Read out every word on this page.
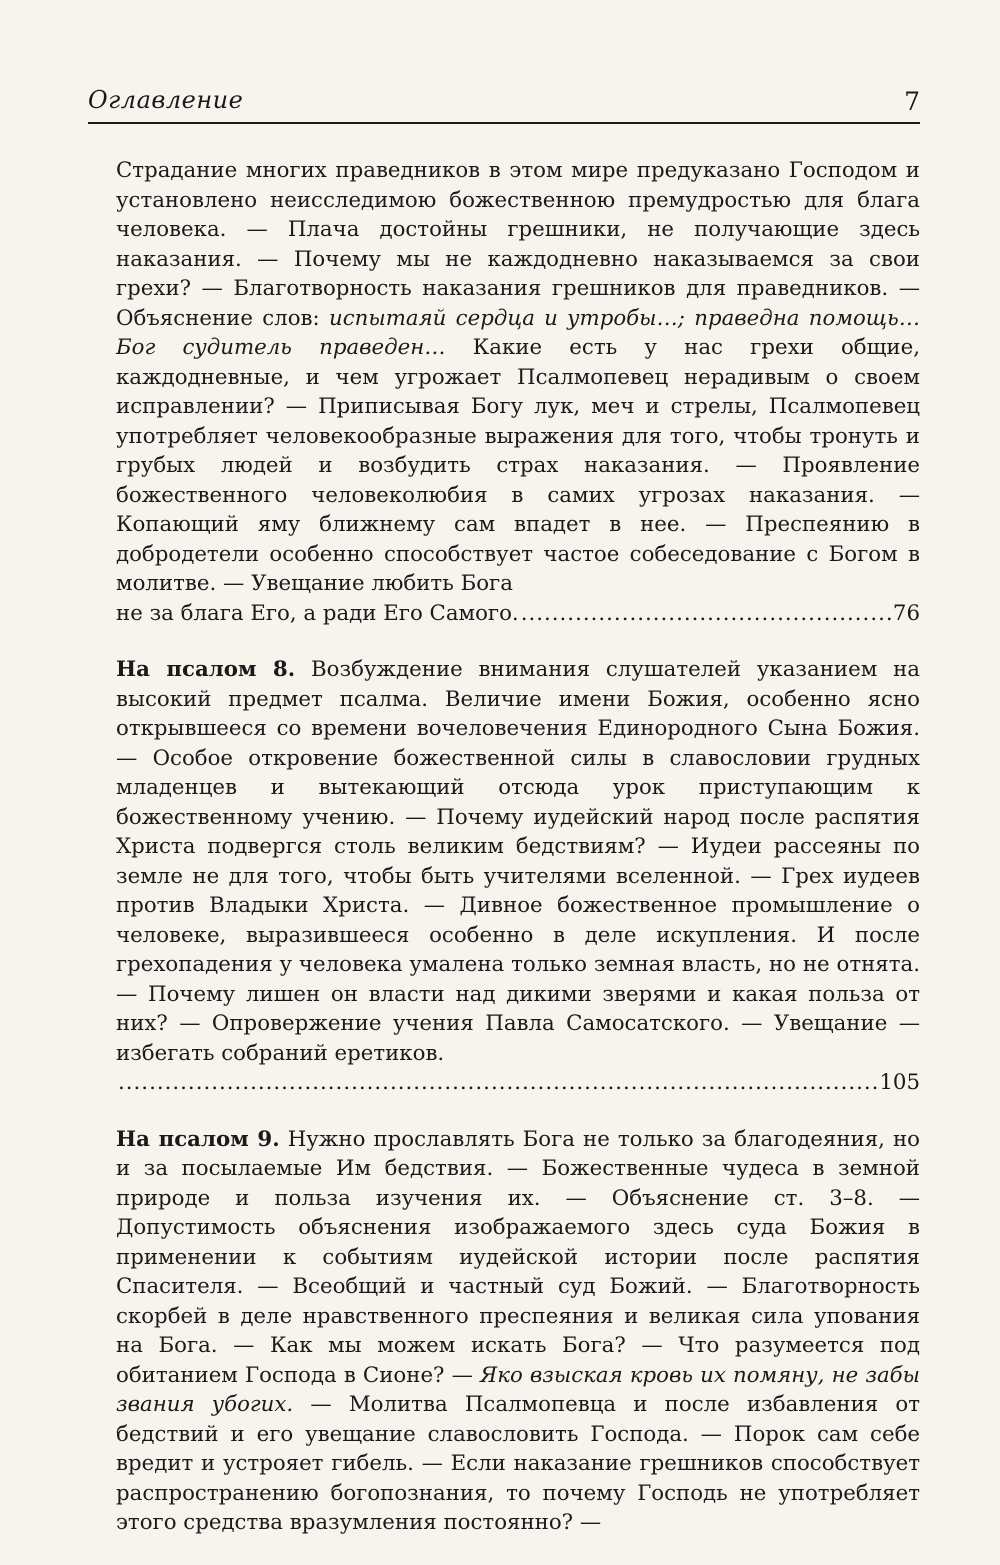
Оглавление	7

Страдание многих праведников в этом мире предуказано Господом и установлено неисследимою божественною премудростью для блага человека. — Плача достойны грешники, не получающие здесь наказания. — Почему мы не каждодневно наказываемся за свои грехи? — Благотворность наказания грешников для праведников. — Объяснение слов: испытаяй сердца и утробы…; праведна помощь… Бог судитель праведен… Какие есть у нас грехи общие, каждодневные, и чем угрожает Псалмопевец нерадивым о своем исправлении? — Приписывая Богу лук, меч и стрелы, Псалмопевец употребляет человекообразные выражения для того, чтобы тронуть и грубых людей и возбудить страх наказания. — Проявление божественного человеколюбия в самих угрозах наказания. — Копающий яму ближнему сам впадет в нее. — Преспеянию в добродетели особенно способствует частое собеседование с Богом в молитве. — Увещание любить Бога

не за блага Его, а ради Его Самого.
.....	76

На псалом 8. Возбуждение внимания слушателей указанием на высокий предмет псалма. Величие имени Божия, особенно ясно открывшееся со времени вочеловечения Единородного Сына Божия. — Особое откровение божественной силы в славословии грудных младенцев и вытекающий отсюда урок приступающим к божественному учению. — Почему иудейский народ после распятия Христа подвергся столь великим бедствиям? — Иудеи рассеяны по земле не для того, чтобы быть учителями вселенной. — Грех иудеев против Владыки Христа. — Дивное божественное промышление о человеке, выразившееся особенно в деле искупления. И после грехопадения у человека умалена только земная власть, но не отнята. — Почему лишен он власти над дикими зверями и какая польза от них? — Опровержение учения Павла Самосатского. — Увещание — избегать собраний еретиков.

.....
105

На псалом 9. Нужно прославлять Бога не только за благодеяния, но и за посылаемые Им бедствия. — Божественные чудеса в земной природе и польза изучения их. — Объяснение ст. 3–8. — Допустимость объяснения изображаемого здесь суда Божия в применении к событиям иудейской истории после распятия Спасителя. — Всеобщий и частный суд Божий. — Благотворность скорбей в деле нравственного преспеяния и великая сила упования на Бога. — Как мы можем искать Бога? — Что разумеется под обитанием Господа в Сионе? — Яко взыская кровь их помяну, не забы звания убогих. — Молитва Псалмопевца и после избавления от бедствий и его увещание славословить Господа. — Порок сам себе вредит и устрояет гибель. — Если наказание грешников способствует распространению богопознания, то почему Господь не употребляет этого средства вразумления постоянно? —
